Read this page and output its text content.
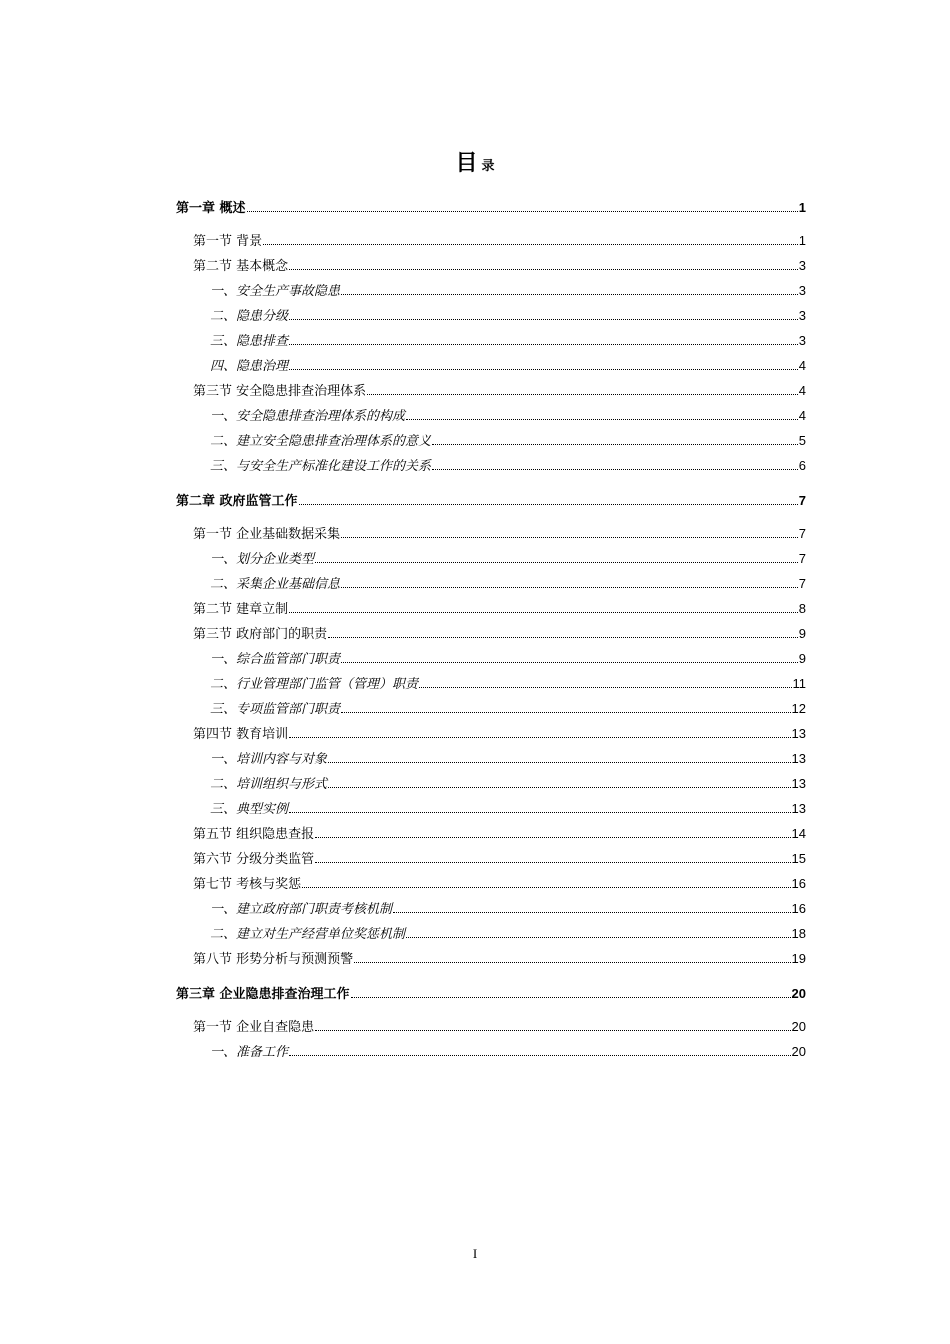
目录
第一章 概述	1
第一节 背景	1
第二节 基本概念	3
一、安全生产事故隐患	3
二、隐患分级	3
三、隐患排查	3
四、隐患治理	4
第三节 安全隐患排查治理体系	4
一、安全隐患排查治理体系的构成	4
二、建立安全隐患排查治理体系的意义	5
三、与安全生产标准化建设工作的关系	6
第二章 政府监管工作	7
第一节 企业基础数据采集	7
一、划分企业类型	7
二、采集企业基础信息	7
第二节 建章立制	8
第三节 政府部门的职责	9
一、综合监管部门职责	9
二、行业管理部门监管（管理）职责	11
三、专项监管部门职责	12
第四节 教育培训	13
一、培训内容与对象	13
二、培训组织与形式	13
三、典型实例	13
第五节 组织隐患查报	14
第六节 分级分类监管	15
第七节 考核与奖惩	16
一、建立政府部门职责考核机制	16
二、建立对生产经营单位奖惩机制	18
第八节 形势分析与预测预警	19
第三章 企业隐患排查治理工作	20
第一节 企业自查隐患	20
一、准备工作	20
I
